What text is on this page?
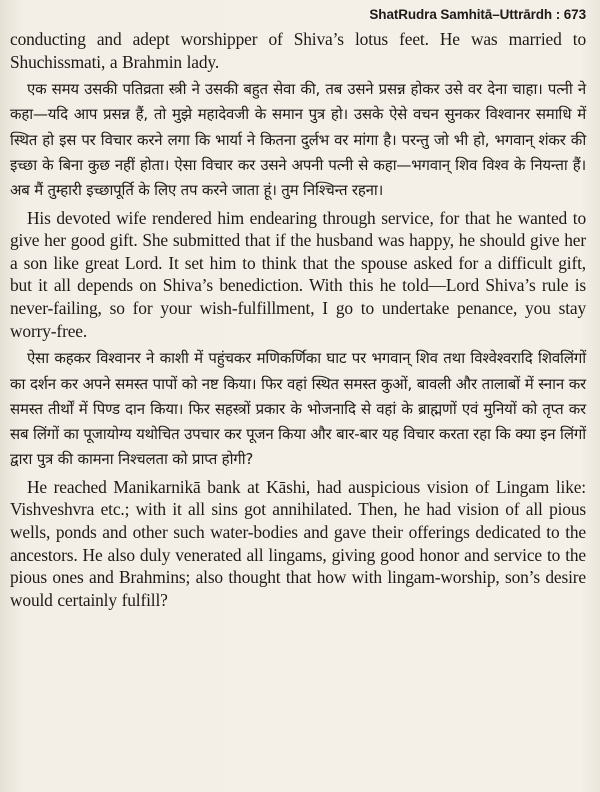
ShatRudra Samhitā–Uttrārdh : 673

conducting and adept worshipper of Shiva’s lotus feet. He was married to Shuchissmati, a Brahmin lady.

एक समय उसकी पतिव्रता स्त्री ने उसकी बहुत सेवा की, तब उसने प्रसन्न होकर उसे वर देना चाहा। पत्नी ने कहा—यदि आप प्रसन्न हैं, तो मुझे महादेवजी के समान पुत्र हो। उसके ऐसे वचन सुनकर विश्वानर समाधि में स्थित हो इस पर विचार करने लगा कि भार्या ने कितना दुर्लभ वर मांगा है। परन्तु जो भी हो, भगवान् शंकर की इच्छा के बिना कुछ नहीं होता। ऐसा विचार कर उसने अपनी पत्नी से कहा—भगवान् शिव विश्व के नियन्ता हैं। अब मैं तुम्हारी इच्छापूर्ति के लिए तप करने जाता हूं। तुम निश्चिन्त रहना।

His devoted wife rendered him endearing through service, for that he wanted to give her good gift. She submitted that if the husband was happy, he should give her a son like great Lord. It set him to think that the spouse asked for a difficult gift, but it all depends on Shiva’s benediction. With this he told—Lord Shiva’s rule is never-failing, so for your wish-fulfillment, I go to undertake penance, you stay worry-free.

ऐसा कहकर विश्वानर ने काशी में पहुंचकर मणिकर्णिका घाट पर भगवान् शिव तथा विश्वेश्वरादि शिवलिंगों का दर्शन कर अपने समस्त पापों को नष्ट किया। फिर वहां स्थित समस्त कुओं, बावली और तालाबों में स्नान कर समस्त तीर्थों में पिण्ड दान किया। फिर सहस्त्रों प्रकार के भोजनादि से वहां के ब्राह्मणों एवं मुनियों को तृप्त कर सब लिंगों का पूजायोग्य यथोचित उपचार कर पूजन किया और बार-बार यह विचार करता रहा कि क्या इन लिंगों द्वारा पुत्र की कामना निश्चलता को प्राप्त होगी?

He reached Manikarnikā bank at Kāshi, had auspicious vision of Lingam like: Vishveshvra etc.; with it all sins got annihilated. Then, he had vision of all pious wells, ponds and other such water-bodies and gave their offerings dedicated to the ancestors. He also duly venerated all lingams, giving good honor and service to the pious ones and Brahmins; also thought that how with lingam-worship, son’s desire would certainly fulfill?
